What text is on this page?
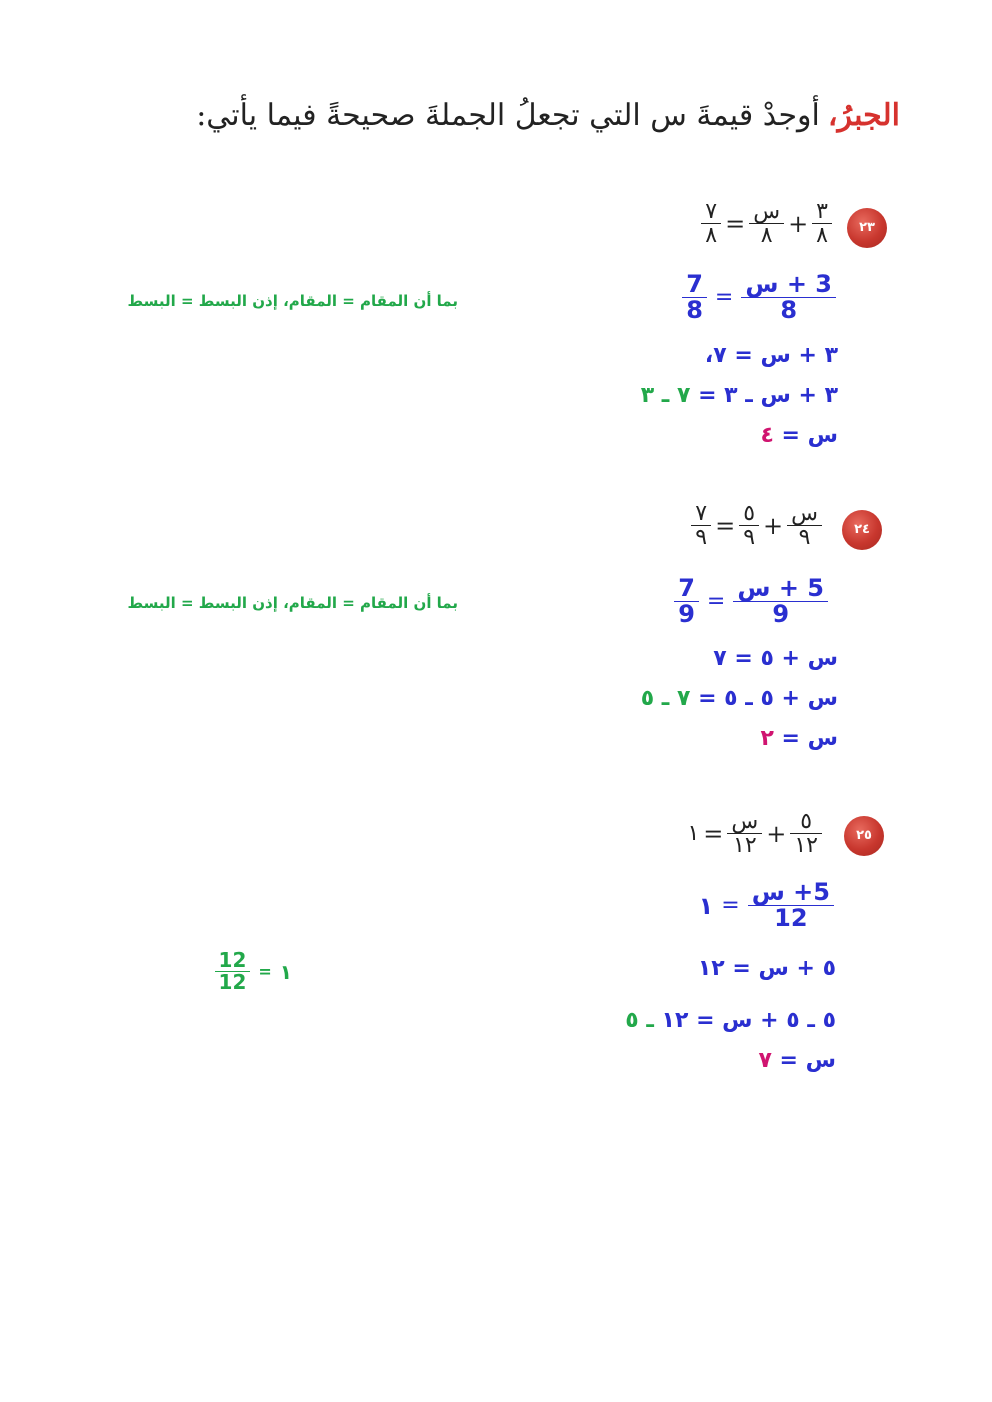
الجبرُ،أوجدْ قيمةَ س التي تجعلُ الجملةَ صحيحةً فيما يأتي:
٢٣
$\frac{٣}{٨}$
+
$\frac{\text{س}}{٨}$
=
$\frac{٧}{٨}$
$\frac{\text{3 + س}}{8}$
=
$\frac{7}{8}$
بما أن المقام = المقام، إذن البسط = البسط
٣ + س = ٧،
٣ + س ـ ٣ = ٧ ـ ٣
س = ٤
٢٤
$\frac{\text{س}}{٩}$
+
$\frac{٥}{٩}$
=
$\frac{٧}{٩}$
$\frac{\text{5 + س}}{9}$
=
$\frac{7}{9}$
بما أن المقام = المقام، إذن البسط = البسط
س + ٥ = ٧
س + ٥ ـ ٥ = ٧ ـ ٥
س = ٢
٢٥
$\frac{٥}{١٢}$
+
$\frac{\text{س}}{١٢}$
=
١
$\frac{\text{5+ س}}{12}$
=
١
١
=
$\frac{12}{12}$	٥ + س = ١٢
٥ ـ ٥ + س = ١٢ ـ ٥
س = ٧
